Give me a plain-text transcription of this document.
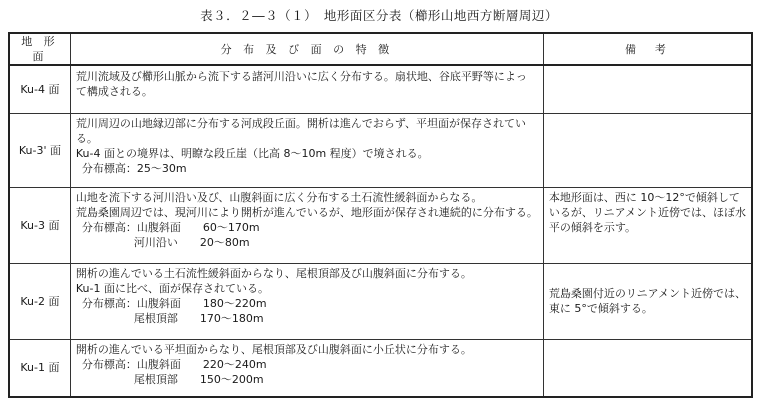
表３．２―３（１）　地形面区分表（櫛形山地西方断層周辺）
地 形 面	分 布 及 び 面 の 特 徴	備　考
Ku‐4 面	荒川流域及び櫛形山脈から流下する諸河川沿いに広く分布する。扇状地、谷底平野等によっ
て構成される。	

Ku‐3' 面	荒川周辺の山地縁辺部に分布する河成段丘面。開析は進んでおらず、平坦面が保存されてい
る。
Ku‐4 面との境界は、明瞭な段丘崖（比高 8～10m 程度）で境される。
分布標高：25～30m	

Ku‐3 面	山地を流下する河川沿い及び、山腹斜面に広く分布する土石流性緩斜面からなる。
荒島桑園周辺では、現河川により開析が進んでいるが、地形面が保存され連続的に分布する。
分布標高：山腹斜面 60～170m
河川沿い 20～80m	本地形面は、西に 10～12°で傾斜して
いるが、リニアメント近傍では、ほぼ水
平の傾斜を示す。

Ku‐2 面	開析の進んでいる土石流性緩斜面からなり、尾根頂部及び山腹斜面に分布する。
Ku‐1 面に比べ、面が保存されている。
分布標高：山腹斜面 180～220m
尾根頂部 170～180m	荒島桑園付近のリニアメント近傍では、
東に 5°で傾斜する。

Ku‐1 面	開析の進んでいる平坦面からなり、尾根頂部及び山腹斜面に小丘状に分布する。
分布標高：山腹斜面 220～240m
尾根頂部 150～200m	
